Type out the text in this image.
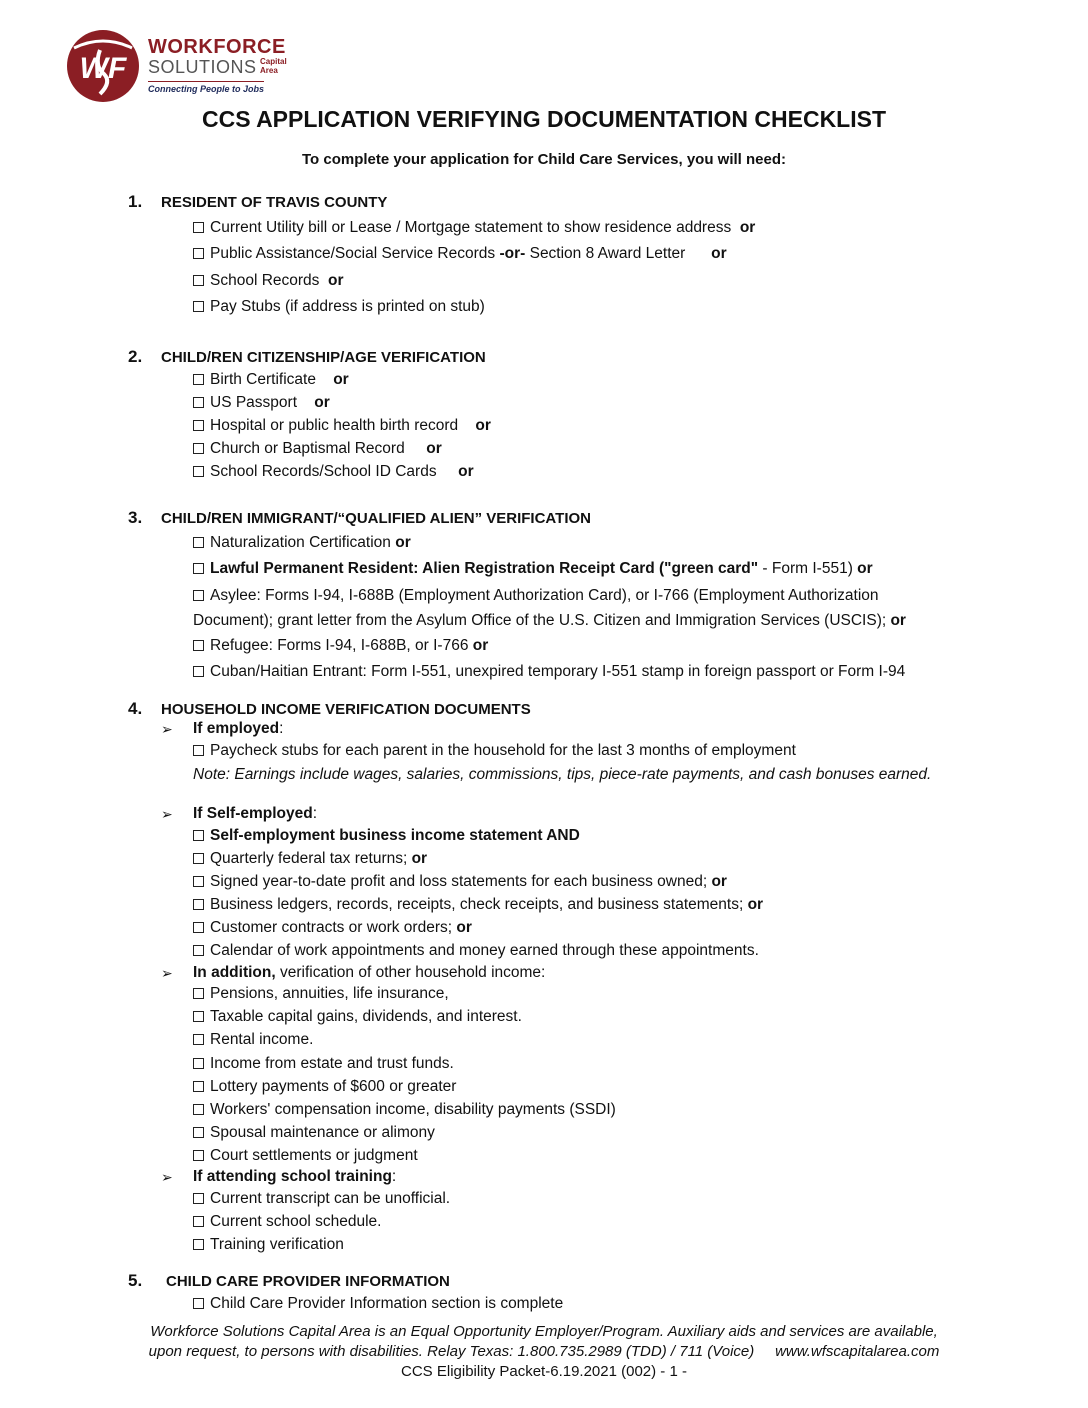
WF
WORKFORCE
SOLUTIONS Capital Area
Connecting People to Jobs
CCS APPLICATION VERIFYING DOCUMENTATION CHECKLIST
To complete your application for Child Care Services, you will need:
1. RESIDENT OF TRAVIS COUNTY
Current Utility bill or Lease / Mortgage statement to show residence address or
Public Assistance/Social Service Records -or- Section 8 Award Letter or
School Records or
Pay Stubs (if address is printed on stub)
2. CHILD/REN CITIZENSHIP/AGE VERIFICATION
Birth Certificate or
US Passport or
Hospital or public health birth record or
Church or Baptismal Record or
School Records/School ID Cards or
3. CHILD/REN IMMIGRANT/“QUALIFIED ALIEN” VERIFICATION
Naturalization Certification or
Lawful Permanent Resident: Alien Registration Receipt Card ("green card" - Form I-551) or
Asylee: Forms I-94, I-688B (Employment Authorization Card), or I-766 (Employment Authorization
Document); grant letter from the Asylum Office of the U.S. Citizen and Immigration Services (USCIS); or
Refugee: Forms I-94, I-688B, or I-766 or
Cuban/Haitian Entrant: Form I-551, unexpired temporary I-551 stamp in foreign passport or Form I-94
4. HOUSEHOLD INCOME VERIFICATION DOCUMENTS
➢ If employed:
Paycheck stubs for each parent in the household for the last 3 months of employment
Note: Earnings include wages, salaries, commissions, tips, piece-rate payments, and cash bonuses earned.
➢ If Self-employed:
Self-employment business income statement AND
Quarterly federal tax returns; or
Signed year-to-date profit and loss statements for each business owned; or
Business ledgers, records, receipts, check receipts, and business statements; or
Customer contracts or work orders; or
Calendar of work appointments and money earned through these appointments.
➢ In addition, verification of other household income:
Pensions, annuities, life insurance,
Taxable capital gains, dividends, and interest.
Rental income.
Income from estate and trust funds.
Lottery payments of $600 or greater
Workers' compensation income, disability payments (SSDI)
Spousal maintenance or alimony
Court settlements or judgment
➢ If attending school training:
Current transcript can be unofficial.
Current school schedule.
Training verification
5. CHILD CARE PROVIDER INFORMATION
Child Care Provider Information section is complete
Workforce Solutions Capital Area is an Equal Opportunity Employer/Program. Auxiliary aids and services are available,
upon request, to persons with disabilities. Relay Texas: 1.800.735.2989 (TDD) / 711 (Voice)     www.wfscapitalarea.com
CCS Eligibility Packet-6.19.2021 (002) - 1 -
